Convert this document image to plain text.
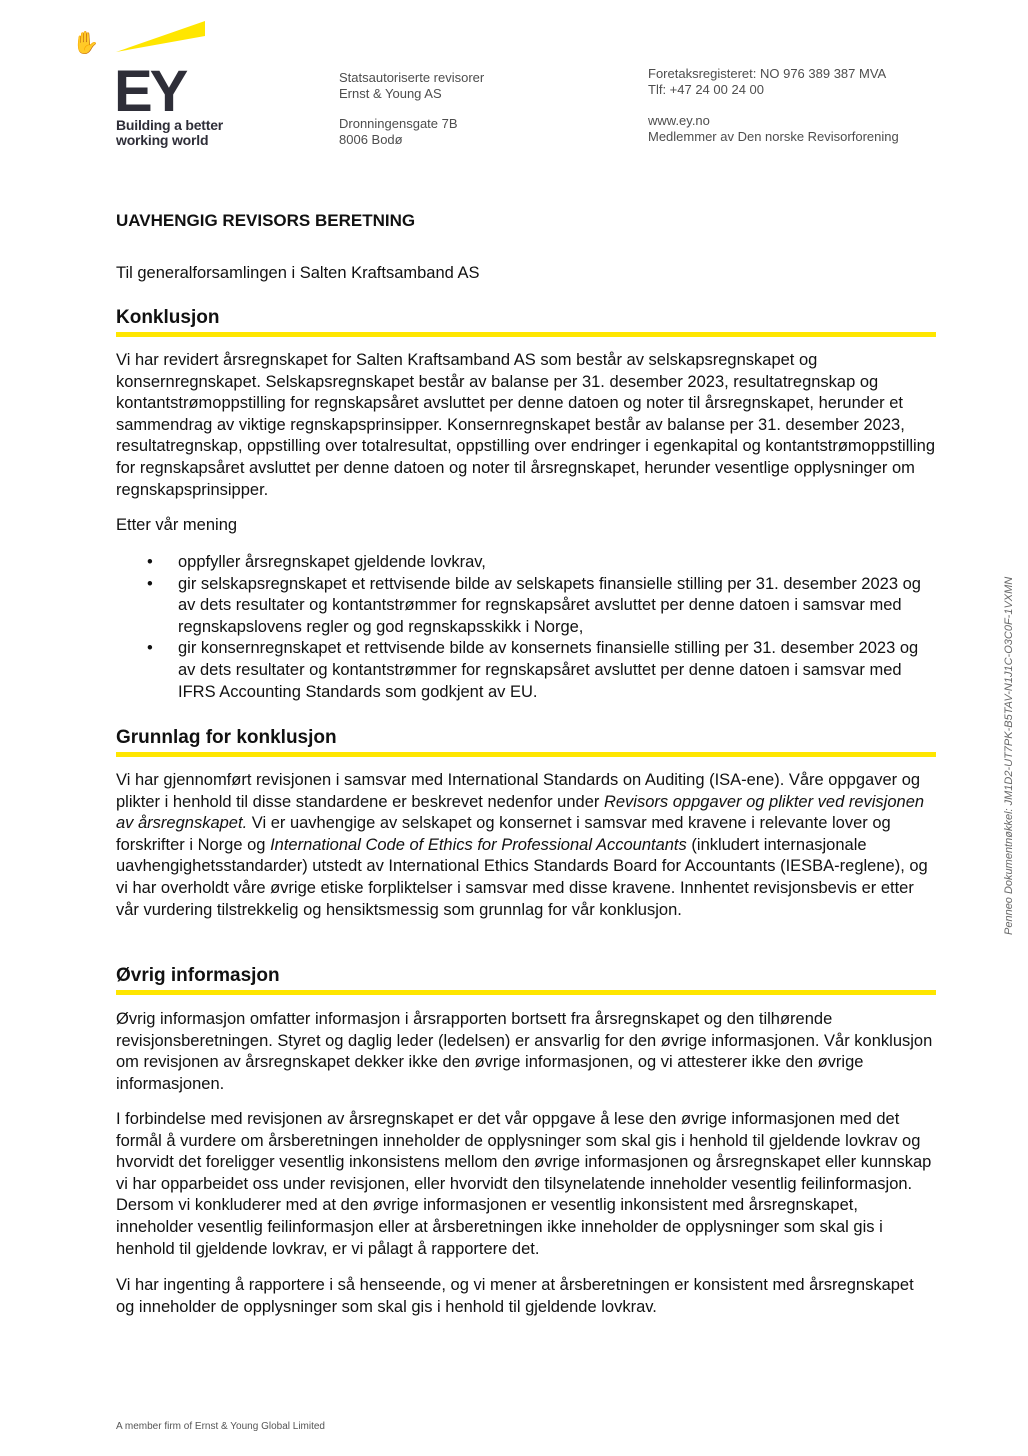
✋
EY
Building a better
working world
Statsautoriserte revisorer
Ernst & Young AS
Dronningensgate 7B
8006 Bodø
Foretaksregisteret: NO 976 389 387 MVA
Tlf: +47 24 00 24 00
www.ey.no
Medlemmer av Den norske Revisorforening
UAVHENGIG REVISORS BERETNING
Til generalforsamlingen i Salten Kraftsamband AS
Konklusjon

Vi har revidert årsregnskapet for Salten Kraftsamband AS som består av selskapsregnskapet og konsernregnskapet. Selskapsregnskapet består av balanse per 31. desember 2023, resultatregnskap og kontantstrømoppstilling for regnskapsåret avsluttet per denne datoen og noter til årsregnskapet, herunder et sammendrag av viktige regnskapsprinsipper. Konsernregnskapet består av balanse per 31. desember 2023, resultatregnskap, oppstilling over totalresultat, oppstilling over endringer i egenkapital og kontantstrømoppstilling for regnskapsåret avsluttet per denne datoen og noter til årsregnskapet, herunder vesentlige opplysninger om regnskapsprinsipper.

Etter vår mening

• oppfyller årsregnskapet gjeldende lovkrav,
• gir selskapsregnskapet et rettvisende bilde av selskapets finansielle stilling per 31. desember 2023 og av dets resultater og kontantstrømmer for regnskapsåret avsluttet per denne datoen i samsvar med regnskapslovens regler og god regnskapsskikk i Norge,
• gir konsernregnskapet et rettvisende bilde av konsernets finansielle stilling per 31. desember 2023 og av dets resultater og kontantstrømmer for regnskapsåret avsluttet per denne datoen i samsvar med IFRS Accounting Standards som godkjent av EU.
Grunnlag for konklusjon

Vi har gjennomført revisjonen i samsvar med International Standards on Auditing (ISA-ene). Våre oppgaver og plikter i henhold til disse standardene er beskrevet nedenfor under Revisors oppgaver og plikter ved revisjonen av årsregnskapet. Vi er uavhengige av selskapet og konsernet i samsvar med kravene i relevante lover og forskrifter i Norge og International Code of Ethics for Professional Accountants (inkludert internasjonale uavhengighetsstandarder) utstedt av International Ethics Standards Board for Accountants (IESBA-reglene), og vi har overholdt våre øvrige etiske forpliktelser i samsvar med disse kravene. Innhentet revisjonsbevis er etter vår vurdering tilstrekkelig og hensiktsmessig som grunnlag for vår konklusjon.

Øvrig informasjon

Øvrig informasjon omfatter informasjon i årsrapporten bortsett fra årsregnskapet og den tilhørende revisjonsberetningen. Styret og daglig leder (ledelsen) er ansvarlig for den øvrige informasjonen. Vår konklusjon om revisjonen av årsregnskapet dekker ikke den øvrige informasjonen, og vi attesterer ikke den øvrige informasjonen.

I forbindelse med revisjonen av årsregnskapet er det vår oppgave å lese den øvrige informasjonen med det formål å vurdere om årsberetningen inneholder de opplysninger som skal gis i henhold til gjeldende lovkrav og hvorvidt det foreligger vesentlig inkonsistens mellom den øvrige informasjonen og årsregnskapet eller kunnskap vi har opparbeidet oss under revisjonen, eller hvorvidt den tilsynelatende inneholder vesentlig feilinformasjon. Dersom vi konkluderer med at den øvrige informasjonen er vesentlig inkonsistent med årsregnskapet, inneholder vesentlig feilinformasjon eller at årsberetningen ikke inneholder de opplysninger som skal gis i henhold til gjeldende lovkrav, er vi pålagt å rapportere det.

Vi har ingenting å rapportere i så henseende, og vi mener at årsberetningen er konsistent med årsregnskapet og inneholder de opplysninger som skal gis i henhold til gjeldende lovkrav.

Penneo Dokumentnøkkel: JM1D2-UT7PK-B5TAV-N1J1C-O3C0F-1VXMN
A member firm of Ernst & Young Global Limited
